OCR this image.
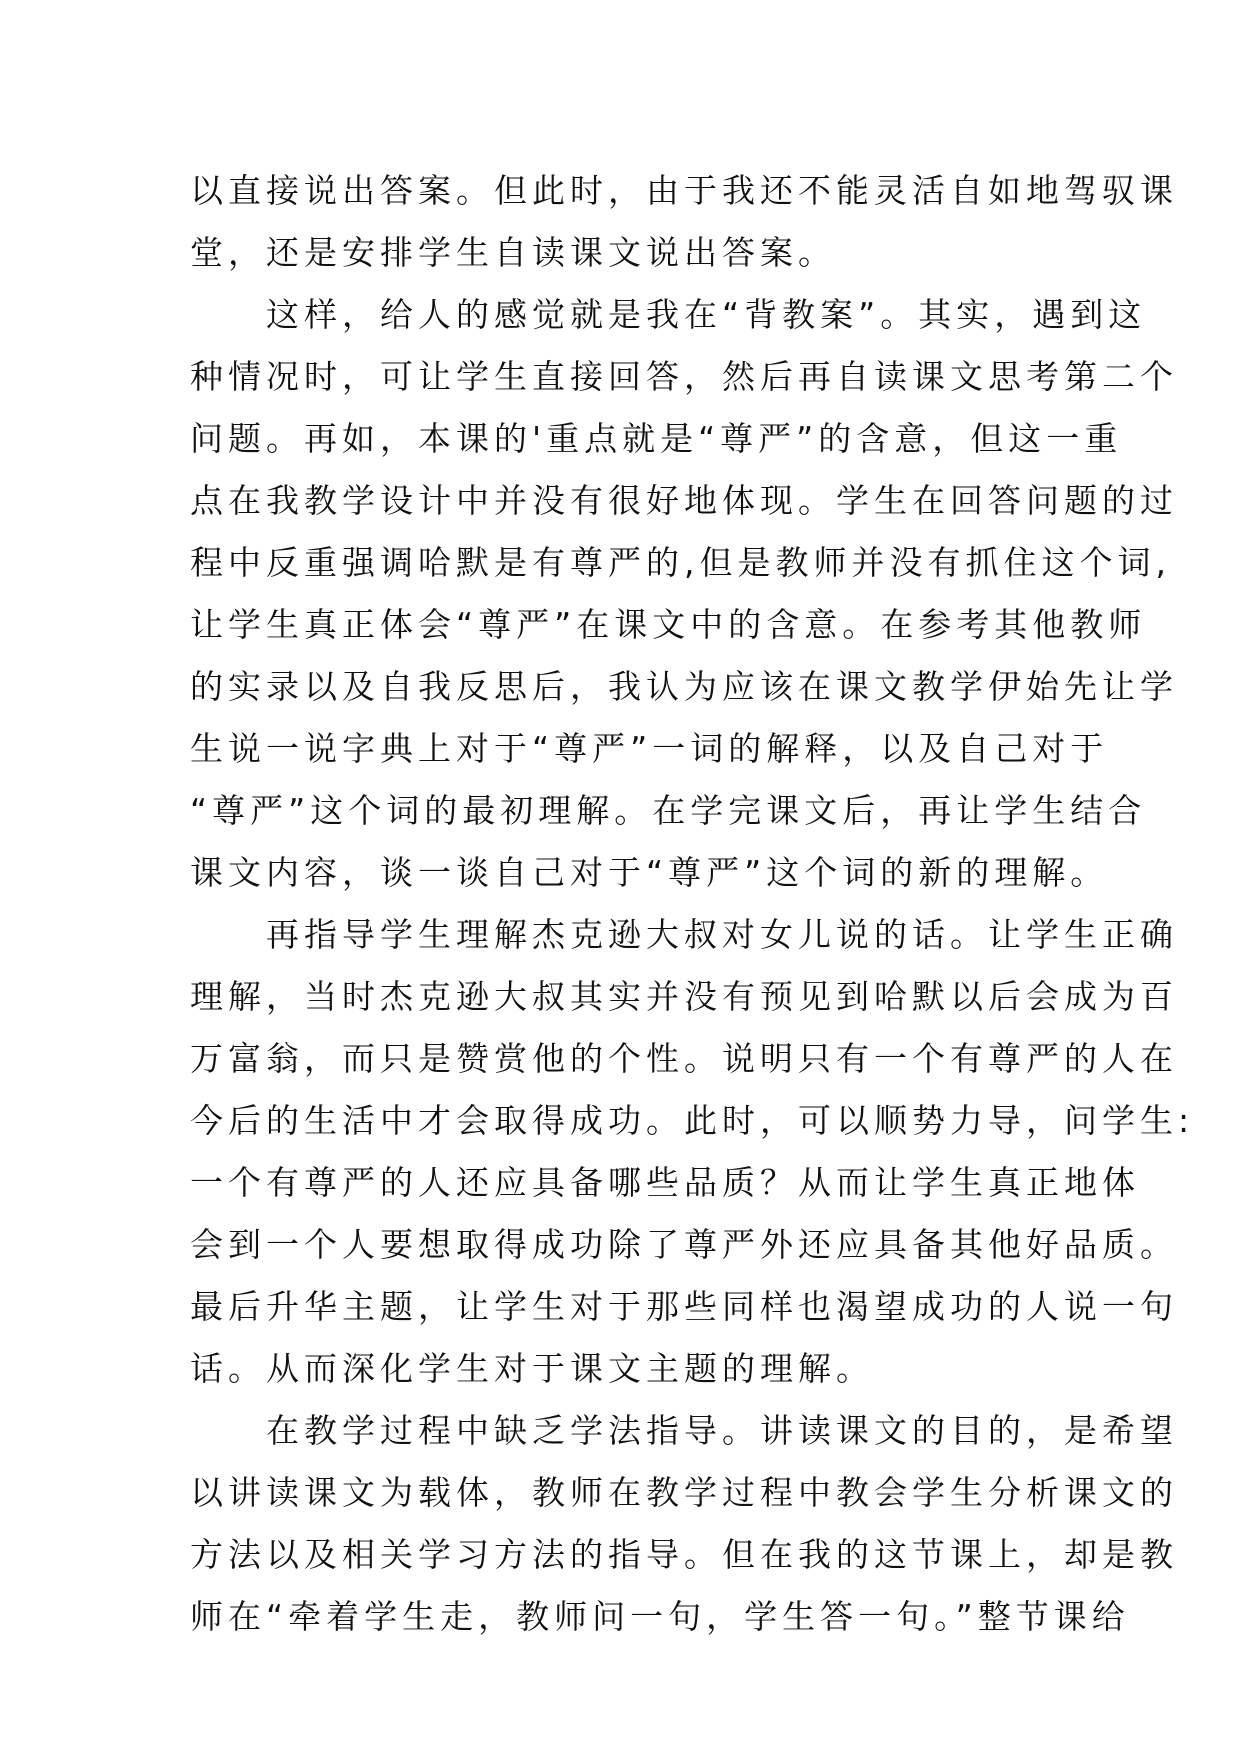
以直接说出答案。但此时，由于我还不能灵活自如地驾驭课
堂，还是安排学生自读课文说出答案。
　　这样，给人的感觉就是我在“背教案”。其实，遇到这
种情况时，可让学生直接回答，然后再自读课文思考第二个
问题。再如，本课的'重点就是“尊严”的含意，但这一重
点在我教学设计中并没有很好地体现。学生在回答问题的过
程中反重强调哈默是有尊严的,但是教师并没有抓住这个词,
让学生真正体会“尊严”在课文中的含意。在参考其他教师
的实录以及自我反思后，我认为应该在课文教学伊始先让学
生说一说字典上对于“尊严”一词的解释，以及自己对于
“尊严”这个词的最初理解。在学完课文后，再让学生结合
课文内容，谈一谈自己对于“尊严”这个词的新的理解。
　　再指导学生理解杰克逊大叔对女儿说的话。让学生正确
理解，当时杰克逊大叔其实并没有预见到哈默以后会成为百
万富翁，而只是赞赏他的个性。说明只有一个有尊严的人在
今后的生活中才会取得成功。此时，可以顺势力导，问学生:
一个有尊严的人还应具备哪些品质？从而让学生真正地体
会到一个人要想取得成功除了尊严外还应具备其他好品质。
最后升华主题，让学生对于那些同样也渴望成功的人说一句
话。从而深化学生对于课文主题的理解。
　　在教学过程中缺乏学法指导。讲读课文的目的，是希望
以讲读课文为载体，教师在教学过程中教会学生分析课文的
方法以及相关学习方法的指导。但在我的这节课上，却是教
师在“牵着学生走，教师问一句，学生答一句。”整节课给
